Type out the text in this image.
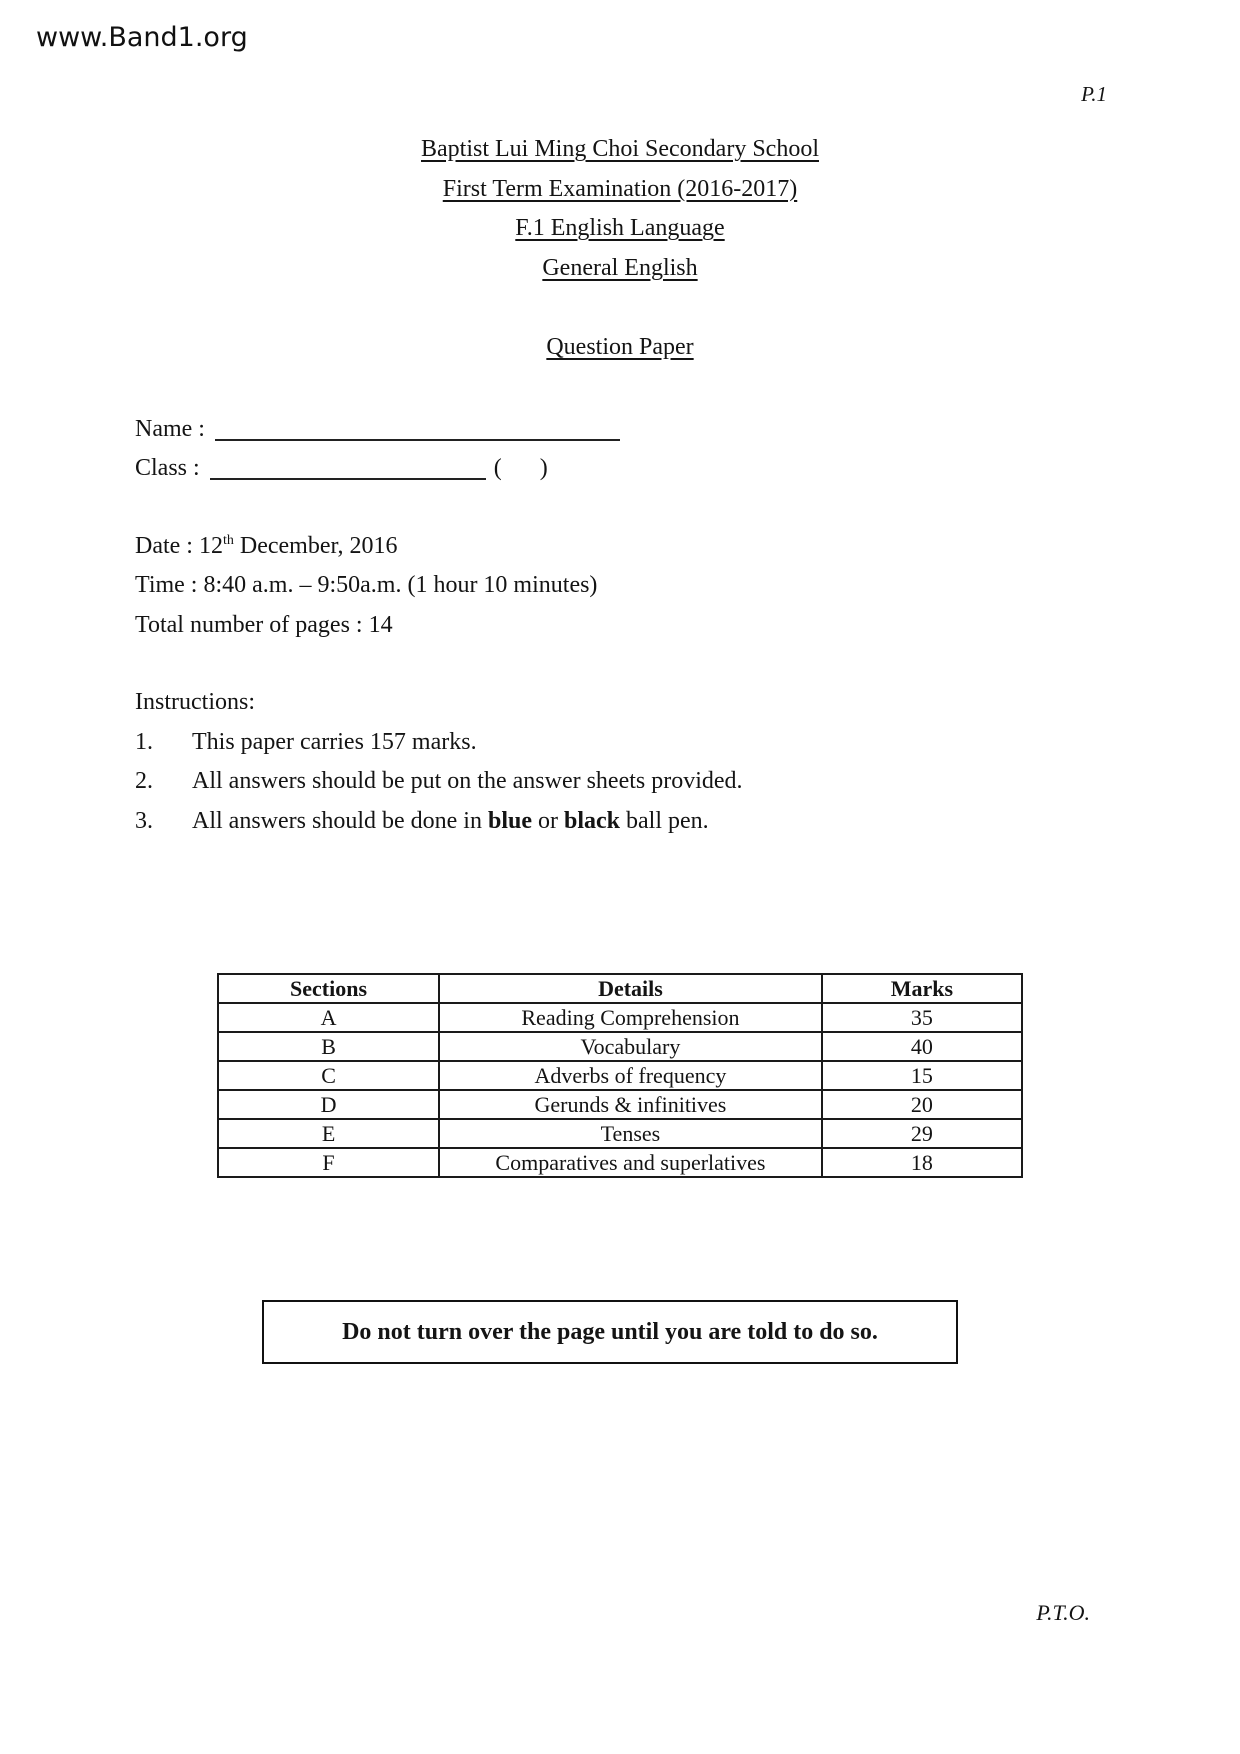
www.Band1.org
P.1
Baptist Lui Ming Choi Secondary School
First Term Examination (2016-2017)
F.1 English Language
General English
Question Paper
Name :
Class :	( )
Date : 12th December, 2016
Time : 8:40 a.m. – 9:50a.m. (1 hour 10 minutes)
Total number of pages : 14
Instructions:
1. This paper carries 157 marks.
2. All answers should be put on the answer sheets provided.
3. All answers should be done in blue or black ball pen.
Sections	Details	Marks
A	Reading Comprehension	35
B	Vocabulary	40
C	Adverbs of frequency	15
D	Gerunds & infinitives	20
E	Tenses	29
F	Comparatives and superlatives	18
Do not turn over the page until you are told to do so.
P.T.O.
